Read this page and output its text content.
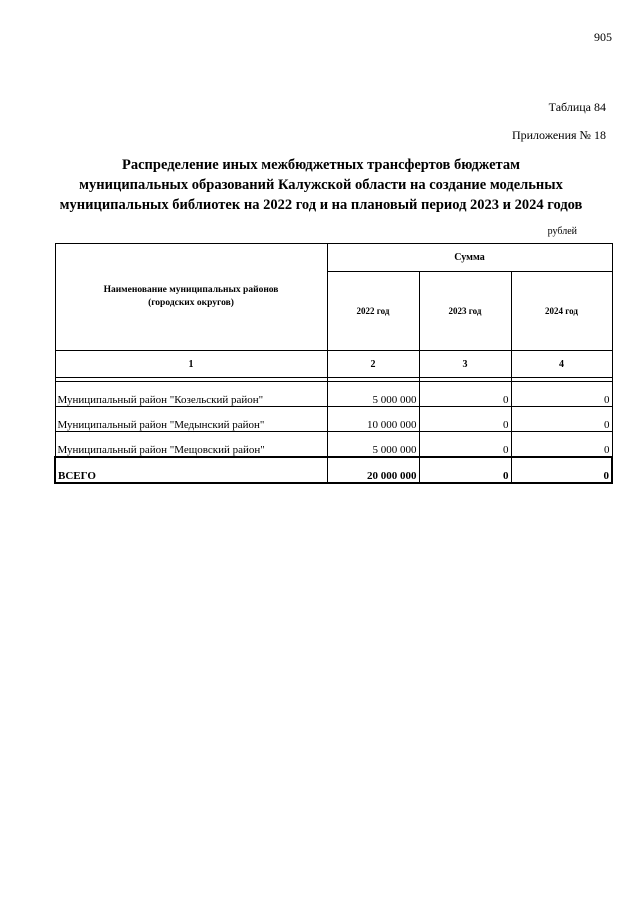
905
Таблица 84
Приложения № 18
Распределение иных межбюджетных трансфертов бюджетам
муниципальных образований Калужской области на создание модельных
муниципальных библиотек на 2022 год и на плановый период 2023 и 2024 годов
рублей
Наименование муниципальных районов
(городских округов)	Сумма		
	2022 год	2023 год	2024 год
1	2	3	4

Муниципальный район "Козельский район"	5 000 000	0	0
Муниципальный район "Медынский район"	10 000 000	0	0
Муниципальный район "Мещовский район"	5 000 000	0	0
ВСЕГО	20 000 000	0	0
